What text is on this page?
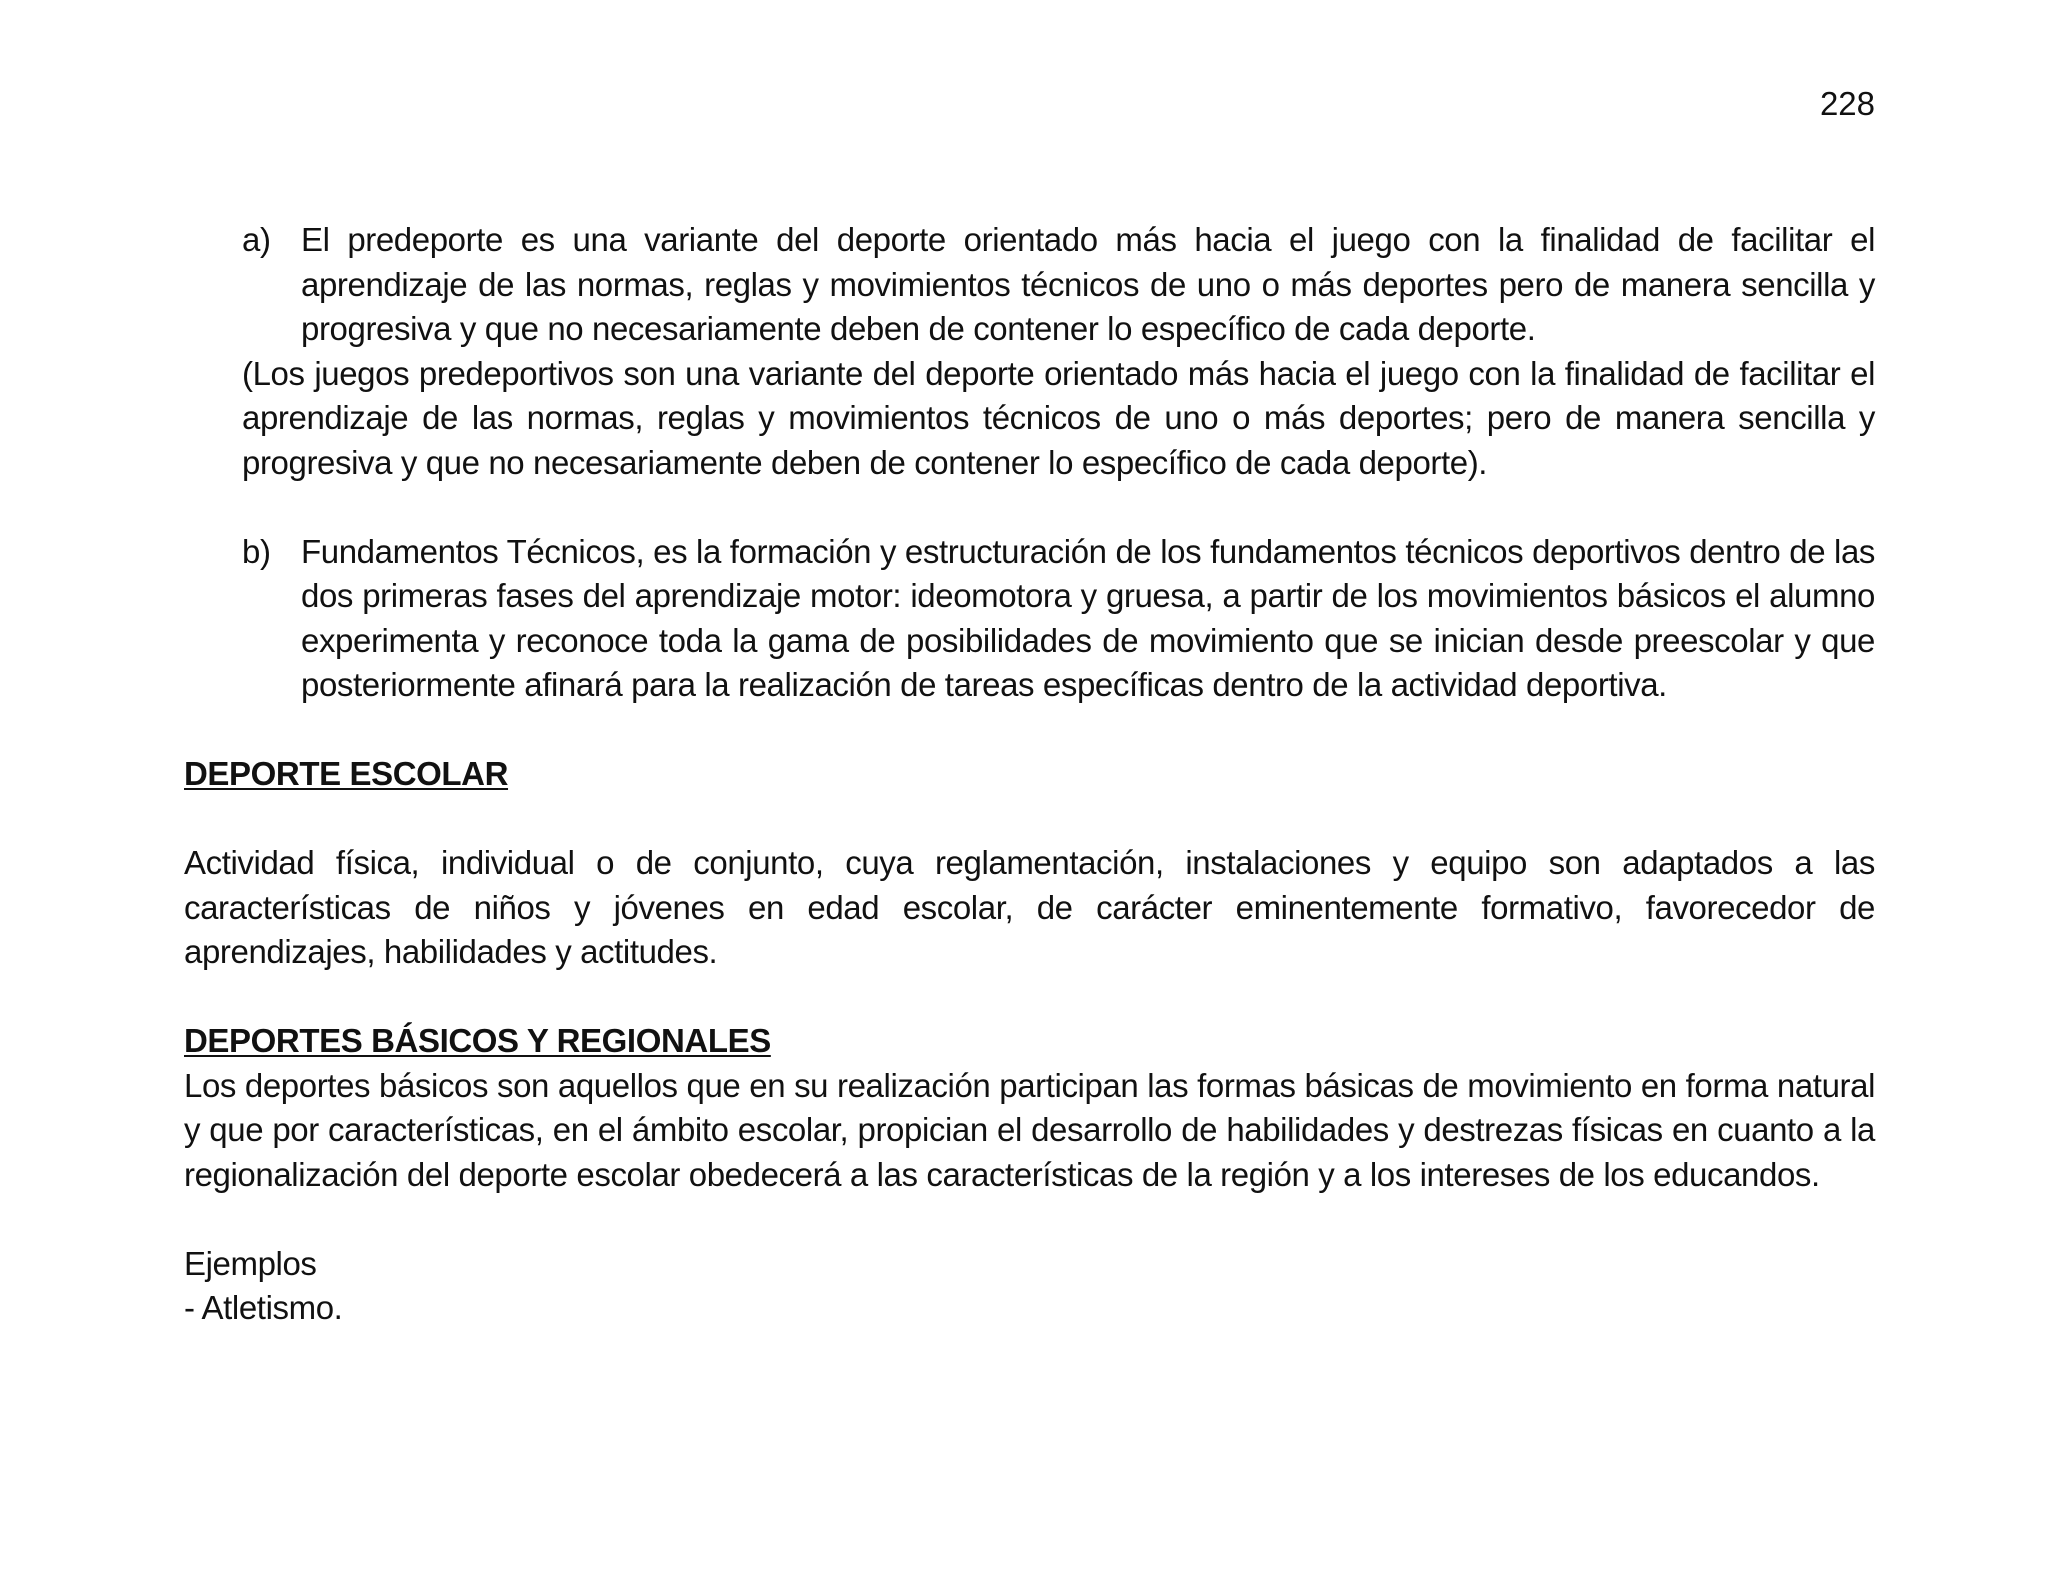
228
a) El predeporte es una variante del deporte orientado más hacia el juego con la finalidad de facilitar el aprendizaje de las normas, reglas y movimientos técnicos de uno o más deportes pero de manera sencilla y progresiva y que no necesariamente deben de contener lo específico de cada deporte.

(Los juegos predeportivos son una variante del deporte orientado más hacia el juego con la finalidad de facilitar el aprendizaje de las normas, reglas y movimientos técnicos de uno o más deportes; pero de manera sencilla y progresiva y que no necesariamente deben de contener lo específico de cada deporte).

b) Fundamentos Técnicos, es la formación y estructuración de los fundamentos técnicos deportivos dentro de las dos primeras fases del aprendizaje motor: ideomotora y gruesa, a partir de los movimientos básicos el alumno experimenta y reconoce toda la gama de posibilidades de movimiento que se inician desde preescolar y que posteriormente afinará para la realización de tareas específicas dentro de la actividad deportiva.

DEPORTE ESCOLAR

Actividad física, individual o de conjunto, cuya reglamentación, instalaciones y equipo son adaptados a las características de niños y jóvenes en edad escolar, de carácter eminentemente formativo, favorecedor de aprendizajes, habilidades y actitudes.

DEPORTES BÁSICOS Y REGIONALES

Los deportes básicos son aquellos que en su realización participan las formas básicas de movimiento en forma natural y que por características, en el ámbito escolar, propician el desarrollo de habilidades y destrezas físicas en cuanto a la regionalización del deporte escolar obedecerá a las características de la región y a los intereses de los educandos.

Ejemplos

- Atletismo.
